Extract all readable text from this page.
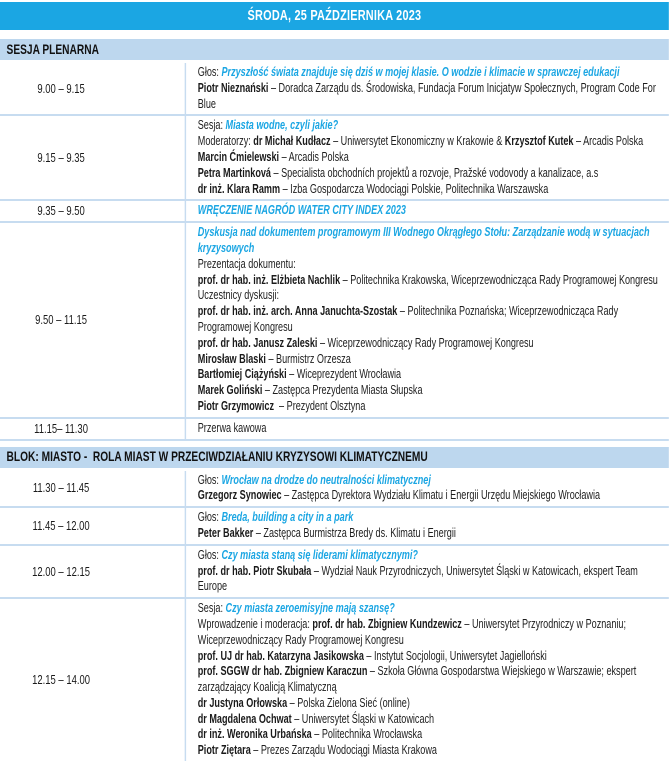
ŚRODA, 25 PAŹDZIERNIKA 2023
SESJA PLENARNA
9.00 – 9.15
Głos: Przyszłość świata znajduje się dziś w mojej klasie. O wodzie i klimacie w sprawczej edukacji
Piotr Nieznański – Doradca Zarządu ds. Środowiska, Fundacja Forum Inicjatyw Społecznych, Program Code For Blue
9.15 – 9.35
Sesja: Miasta wodne, czyli jakie?
Moderatorzy: dr Michał Kudłacz – Uniwersytet Ekonomiczny w Krakowie & Krzysztof Kutek – Arcadis Polska
Marcin Ćmielewski – Arcadis Polska
Petra Martinková – Specialista obchodních projektů a rozvoje, Pražské vodovody a kanalizace, a.s
dr inż. Klara Ramm – Izba Gospodarcza Wodociągi Polskie, Politechnika Warszawska
9.35 – 9.50	WRĘCZENIE NAGRÓD WATER CITY INDEX 2023
9.50 – 11.15
Dyskusja nad dokumentem programowym III Wodnego Okrągłego Stołu: Zarządzanie wodą w sytuacjach kryzysowych
Prezentacja dokumentu:
prof. dr hab. inż. Elżbieta Nachlik – Politechnika Krakowska, Wiceprzewodnicząca Rady Programowej Kongresu
Uczestnicy dyskusji:
prof. dr hab. inż. arch. Anna Januchta-Szostak – Politechnika Poznańska; Wiceprzewodnicząca Rady Programowej Kongresu
prof. dr hab. Janusz Zaleski – Wiceprzewodniczący Rady Programowej Kongresu
Mirosław Blaski – Burmistrz Orzesza
Bartłomiej Ciążyński – Wiceprezydent Wrocławia
Marek Goliński – Zastępca Prezydenta Miasta Słupska
Piotr Grzymowicz  – Prezydent Olsztyna
11.15– 11.30	Przerwa kawowa
BLOK: MIASTO -  ROLA MIAST W PRZECIWDZIAŁANIU KRYZYSOWI KLIMATYCZNEMU
11.30 – 11.45
Głos: Wrocław na drodze do neutralności klimatycznej
Grzegorz Synowiec – Zastępca Dyrektora Wydziału Klimatu i Energii Urzędu Miejskiego Wrocławia
11.45 – 12.00
Głos: Breda, building a city in a park
Peter Bakker – Zastępca Burmistrza Bredy ds. Klimatu i Energii
12.00 – 12.15
Głos: Czy miasta staną się liderami klimatycznymi?
prof. dr hab. Piotr Skubała – Wydział Nauk Przyrodniczych, Uniwersytet Śląski w Katowicach, ekspert Team Europe
12.15 – 14.00
Sesja: Czy miasta zeroemisyjne mają szansę?
Wprowadzenie i moderacja: prof. dr hab. Zbigniew Kundzewicz – Uniwersytet Przyrodniczy w Poznaniu; Wiceprzewodniczący Rady Programowej Kongresu
prof. UJ dr hab. Katarzyna Jasikowska – Instytut Socjologii, Uniwersytet Jagielloński
prof. SGGW dr hab. Zbigniew Karaczun – Szkoła Główna Gospodarstwa Wiejskiego w Warszawie; ekspert zarządzający Koalicją Klimatyczną
dr Justyna Orłowska – Polska Zielona Sieć (online)
dr Magdalena Ochwat – Uniwersytet Śląski w Katowicach
dr inż. Weronika Urbańska – Politechnika Wrocławska
Piotr Ziętara – Prezes Zarządu Wodociągi Miasta Krakowa
